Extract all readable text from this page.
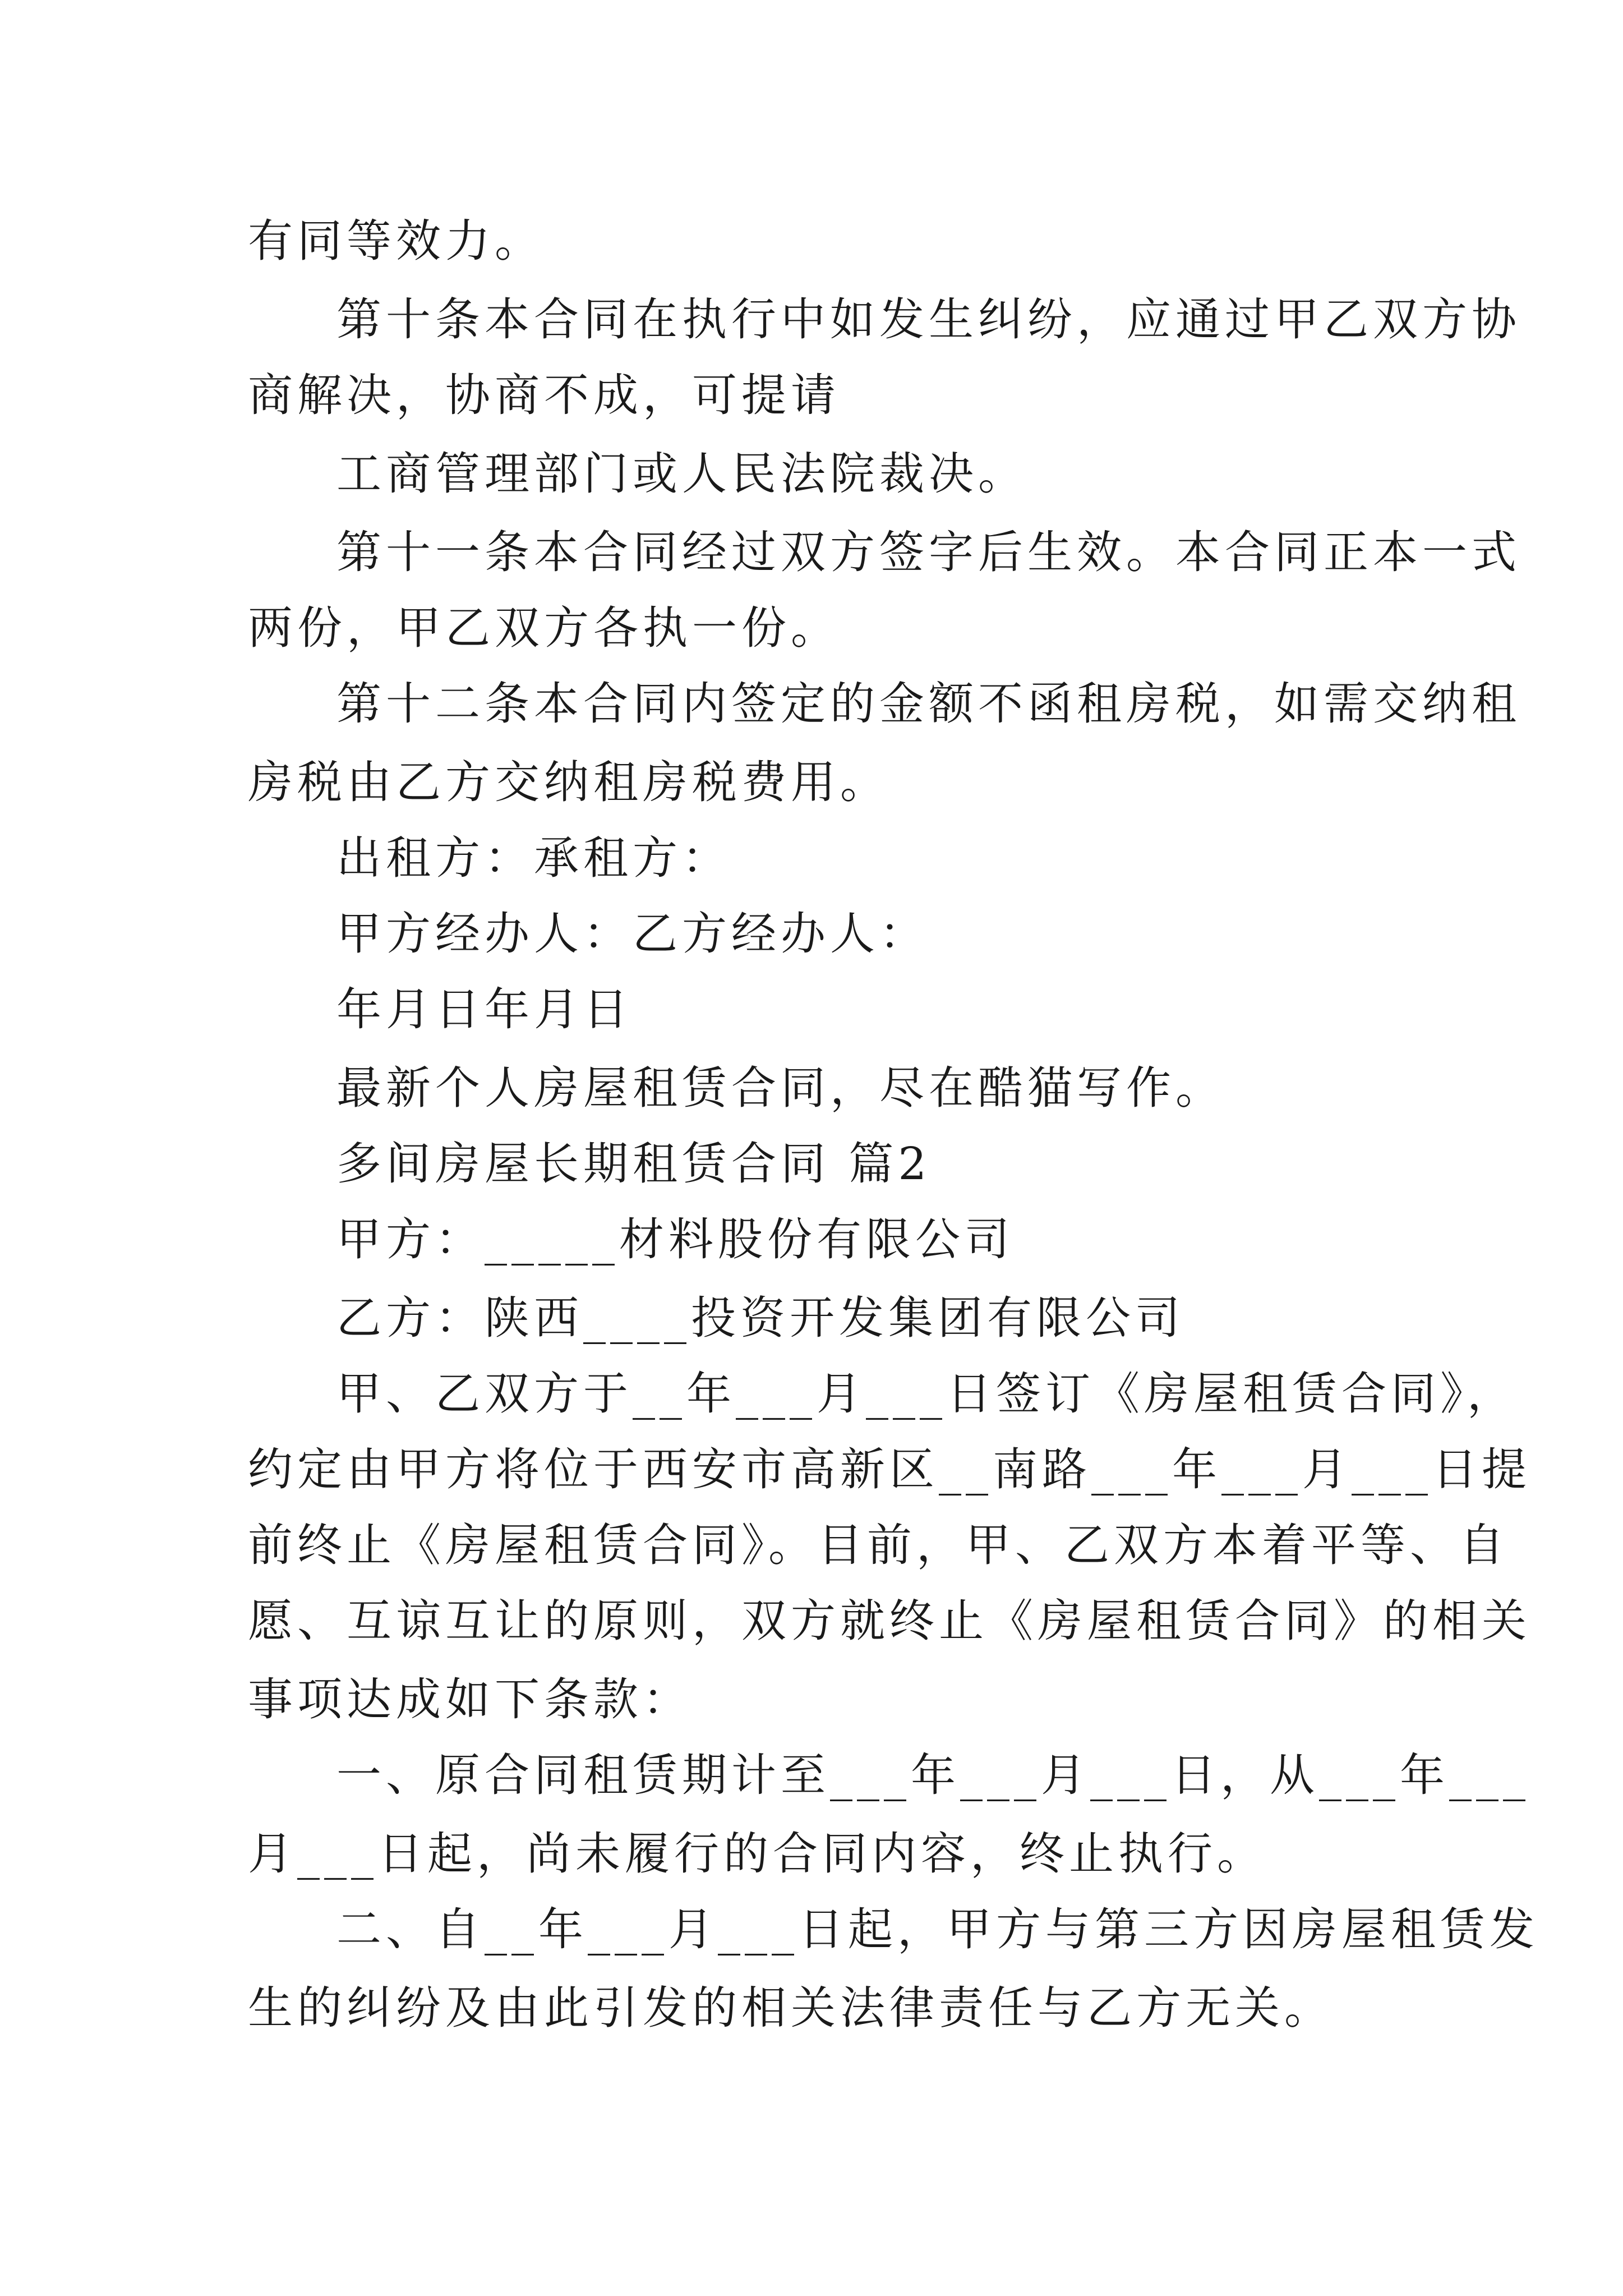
有同等效力。
第十条本合同在执行中如发生纠纷，应通过甲乙双方协
商解决，协商不成，可提请
工商管理部门或人民法院裁决。
第十一条本合同经过双方签字后生效。本合同正本一式
两份，甲乙双方各执一份。
第十二条本合同内签定的金额不函租房税，如需交纳租
房税由乙方交纳租房税费用。
出租方：承租方：
甲方经办人：乙方经办人：
年月日年月日
最新个人房屋租赁合同，尽在酷猫写作。
多间房屋长期租赁合同 篇2
甲方：_____材料股份有限公司
乙方：陕西____投资开发集团有限公司
甲、乙双方于__年___月___日签订《房屋租赁合同》，
约定由甲方将位于西安市高新区__南路___年___月___日提
前终止《房屋租赁合同》。目前，甲、乙双方本着平等、自
愿、互谅互让的原则，双方就终止《房屋租赁合同》的相关
事项达成如下条款：
一、原合同租赁期计至___年___月___日，从___年___
月___日起，尚未履行的合同内容，终止执行。
二、自__年___月___日起，甲方与第三方因房屋租赁发
生的纠纷及由此引发的相关法律责任与乙方无关。
